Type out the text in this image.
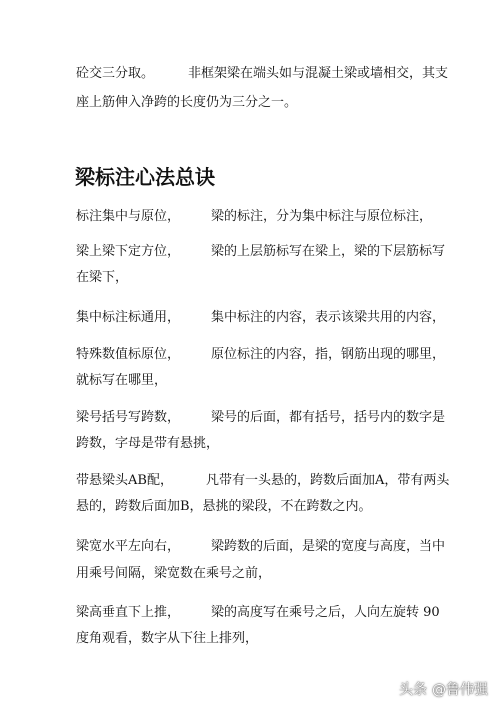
砼交三分取。	非框架梁在端头如与混凝土梁或墙相交，其支
座上筋伸入净跨的长度仍为三分之一。
梁标注心法总诀
标注集中与原位， 梁的标注，分为集中标注与原位标注，
梁上梁下定方位， 梁的上层筋标写在梁上，梁的下层筋标写
在梁下，
集中标注标通用， 集中标注的内容，表示该梁共用的内容，
特殊数值标原位， 原位标注的内容，指，钢筋出现的哪里，
就标写在哪里，
梁号括号写跨数， 梁号的后面，都有括号，括号内的数字是
跨数，字母是带有悬挑，
带悬梁头AB配，	凡带有一头悬的，跨数后面加A，带有两头
悬的，跨数后面加B，悬挑的梁段，不在跨数之内。
梁宽水平左向右， 梁跨数的后面，是梁的宽度与高度，当中
用乘号间隔，梁宽数在乘号之前，
梁高垂直下上推， 梁的高度写在乘号之后，人向左旋转 90
度角观看，数字从下往上排列，
头条 @鲁伟强
